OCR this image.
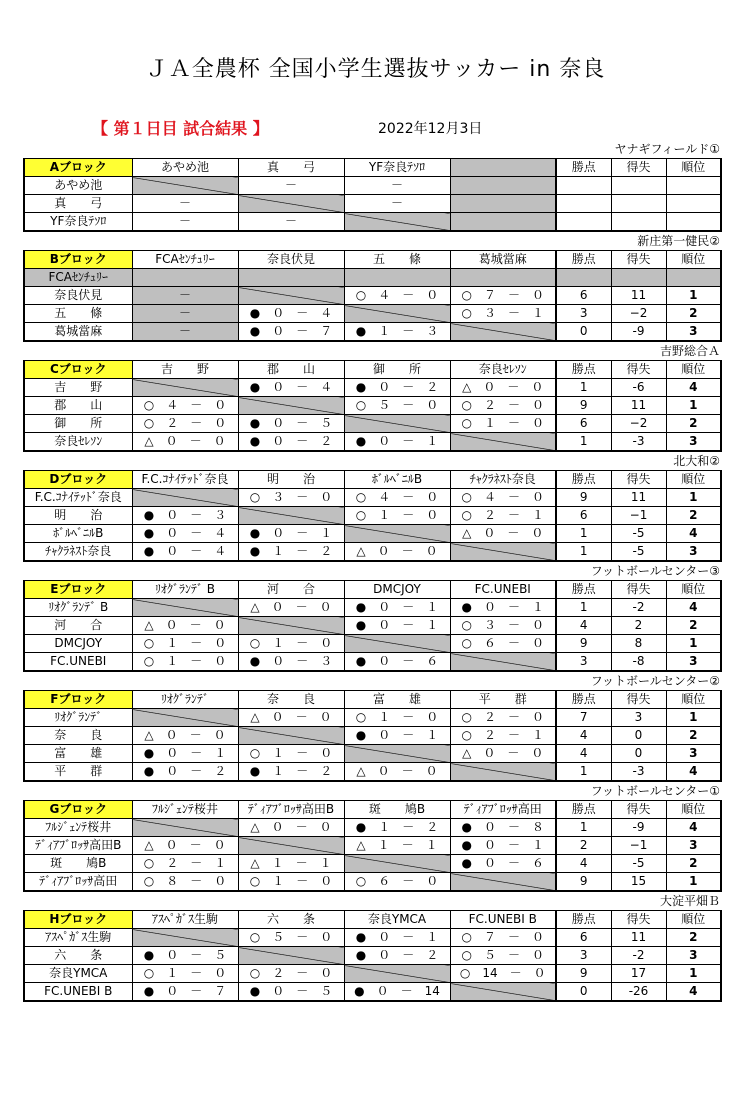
ＪＡ全農杯 全国小学生選抜サッカー in 奈良
【 第１日目 試合結果 】	2022年12月3日
ヤナギフィールド①
Aブロック	あやめ池	真　　弓	YF奈良ﾃｿﾛ		勝点	得失	順位
あやめ池		－	－				
真　　弓	－		－				
YF奈良ﾃｿﾛ	－	－					
新庄第一健民②
Bブロック	FCAｾﾝﾁｭﾘｰ	奈良伏見	五　　條	葛城當麻	勝点	得失	順位
FCAｾﾝﾁｭﾘｰ							
奈良伏見	－		○　４　－　０	○　７　－　０	6	11	1
五　　條	－	●　０　－　４		○　３　－　１	3	−2	2
葛城當麻	－	●　０　－　７	●　１　－　３		0	-9	3
吉野総合Ａ
Cブロック	吉　　野	郡　　山	御　　所	奈良ｾﾚｿﾝ	勝点	得失	順位
吉　　野		●　０　－　４	●　０　－　２	△　０　－　０	1	-6	4
郡　　山	○　４　－　０		○　５　－　０	○　２　－　０	9	11	1
御　　所	○　２　－　０	●　０　－　５		○　１　－　０	6	−2	2
奈良ｾﾚｿﾝ	△　０　－　０	●　０　－　２	●　０　－　１		1	-3	3
北大和②
Dブロック	F.C.ｺﾅｲﾃｯﾄﾞ奈良	明　　治	ﾎﾞﾙﾍﾞﾆﾙB	ﾁｬｸﾗﾈｽﾄ奈良	勝点	得失	順位
F.C.ｺﾅｲﾃｯﾄﾞ奈良		○　３　－　０	○　４　－　０	○　４　－　０	9	11	1
明　　治	●　０　－　３		○　１　－　０	○　２　－　１	6	−1	2
ﾎﾞﾙﾍﾞﾆﾙB	●　０　－　４	●　０　－　１		△　０　－　０	1	-5	4
ﾁｬｸﾗﾈｽﾄ奈良	●　０　－　４	●　１　－　２	△　０　－　０		1	-5	3
フットボールセンター③
Eブロック	ﾘｵｸﾞﾗﾝﾃﾞ B	河　　合	DMCJOY	FC.UNEBI	勝点	得失	順位
ﾘｵｸﾞﾗﾝﾃﾞ B		△　０　－　０	●　０　－　１	●　０　－　１	1	-2	4
河　　合	△　０　－　０		●　０　－　１	○　３　－　０	4	2	2
DMCJOY	○　１　－　０	○　１　－　０		○　６　－　０	9	8	1
FC.UNEBI	○　１　－　０	●　０　－　３	●　０　－　６		3	-8	3
フットボールセンター②
Fブロック	ﾘｵｸﾞﾗﾝﾃﾞ	奈　　良	富　　雄	平　　群	勝点	得失	順位
ﾘｵｸﾞﾗﾝﾃﾞ		△　０　－　０	○　１　－　０	○　２　－　０	7	3	1
奈　　良	△　０　－　０		●　０　－　１	○　２　－　１	4	0	2
富　　雄	●　０　－　１	○　１　－　０		△　０　－　０	4	0	3
平　　群	●　０　－　２	●　１　－　２	△　０　－　０		1	-3	4
フットボールセンター①
Gブロック	ﾌﾙｼﾞｪﾝﾃ桜井	ﾃﾞｨｱﾌﾞﾛｯｻ高田B	斑　　鳩B	ﾃﾞｨｱﾌﾞﾛｯｻ高田	勝点	得失	順位
ﾌﾙｼﾞｪﾝﾃ桜井		△　０　－　０	●　１　－　２	●　０　－　８	1	-9	4
ﾃﾞｨｱﾌﾞﾛｯｻ高田B	△　０　－　０		△　１　－　１	●　０　－　１	2	−1	3
斑　　鳩B	○　２　－　１	△　１　－　１		●　０　－　６	4	-5	2
ﾃﾞｨｱﾌﾞﾛｯｻ高田	○　８　－　０	○　１　－　０	○　６　－　０		9	15	1
大淀平畑Ｂ
Hブロック	ｱｽﾍﾟｶﾞｽ生駒	六　　条	奈良YMCA	FC.UNEBI B	勝点	得失	順位
ｱｽﾍﾟｶﾞｽ生駒		○　５　－　０	●　０　－　１	○　７　－　０	6	11	2
六　　条	●　０　－　５		●　０　－　２	○　５　－　０	3	-2	3
奈良YMCA	○　１　－　０	○　２　－　０		○　14　－　０	9	17	1
FC.UNEBI B	●　０　－　７	●　０　－　５	●　０　－　14		0	-26	4
